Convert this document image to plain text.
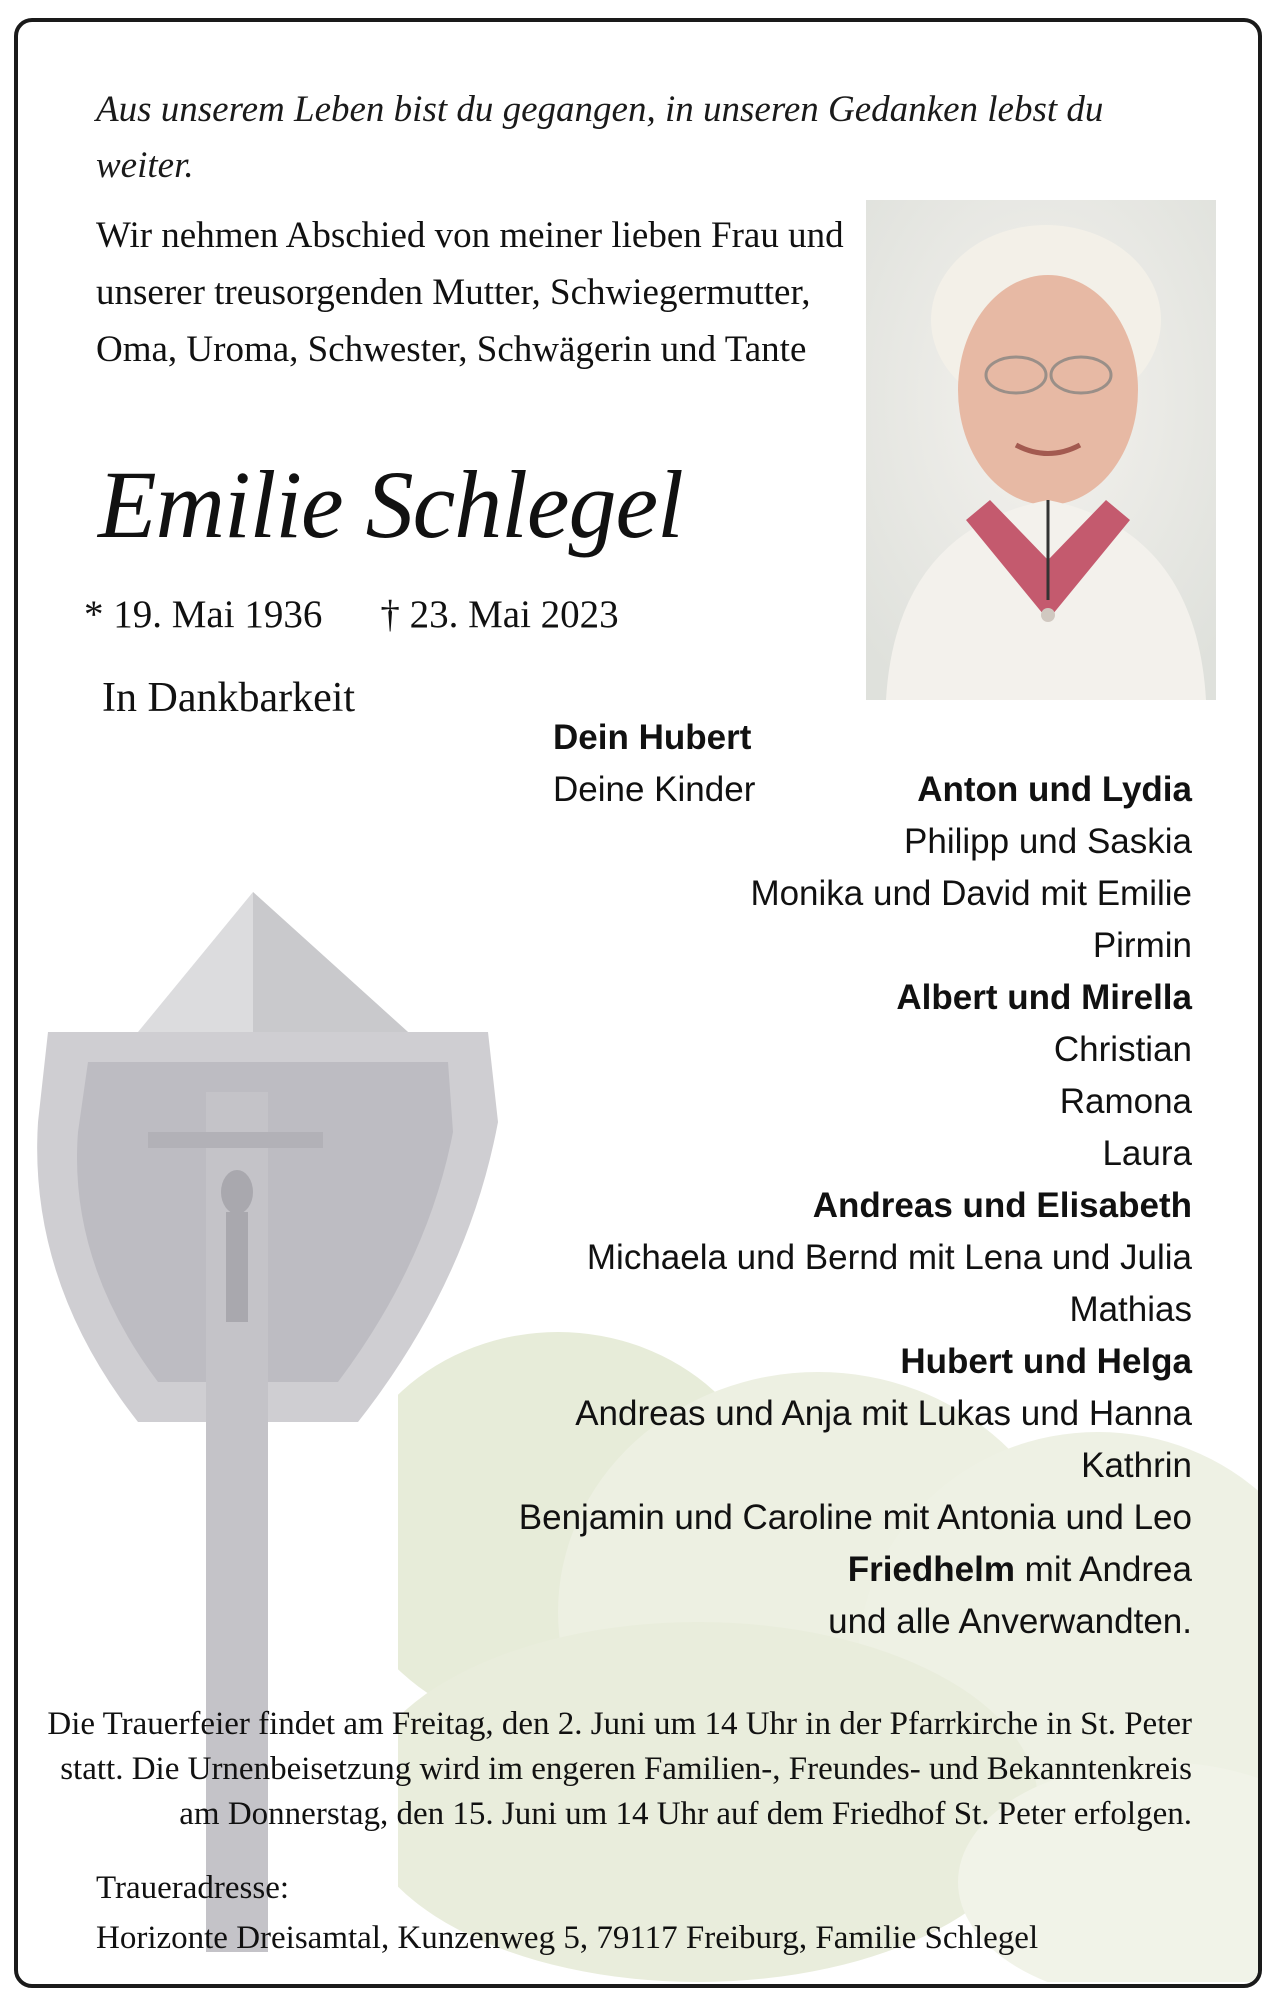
Aus unserem Leben bist du gegangen, in unseren Gedanken lebst du weiter.
Wir nehmen Abschied von meiner lieben Frau und unserer treusorgenden Mutter, Schwiegermutter, Oma, Uroma, Schwester, Schwägerin und Tante
Emilie Schlegel
* 19. Mai 1936 † 23. Mai 2023
In Dankbarkeit
Dein Hubert
Deine Kinder	Anton und Lydia
Philipp und Saskia
Monika und David mit Emilie
Pirmin
Albert und Mirella
Christian
Ramona
Laura
Andreas und Elisabeth
Michaela und Bernd mit Lena und Julia
Mathias
Hubert und Helga
Andreas und Anja mit Lukas und Hanna
Kathrin
Benjamin und Caroline mit Antonia und Leo
Friedhelm mit Andrea
und alle Anverwandten.
Die Trauerfeier findet am Freitag, den 2. Juni um 14 Uhr in der Pfarrkirche in St. Peter statt. Die Urnenbeisetzung wird im engeren Familien-, Freundes- und Bekanntenkreis am Donnerstag, den 15. Juni um 14 Uhr auf dem Friedhof St. Peter erfolgen.
Traueradresse:
Horizonte Dreisamtal, Kunzenweg 5, 79117 Freiburg, Familie Schlegel
